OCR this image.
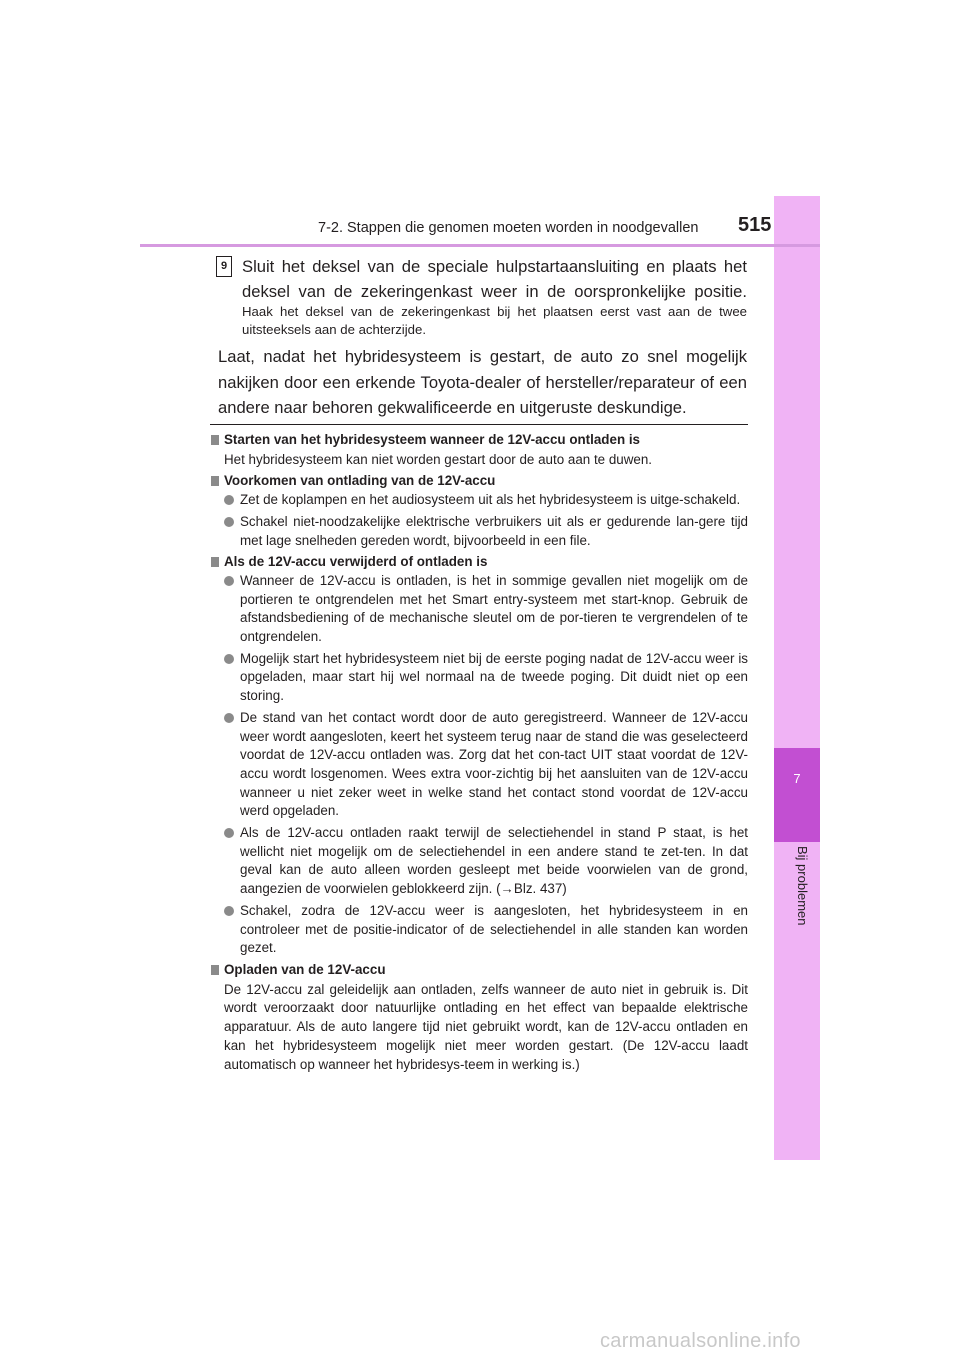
7
Bij problemen
7-2. Stappen die genomen moeten worden in noodgevallen 515
9 Sluit het deksel van de speciale hulpstartaansluiting en plaats het deksel van de zekeringenkast weer in de oorspronkelijke positie.
Haak het deksel van de zekeringenkast bij het plaatsen eerst vast aan de twee uitsteeksels aan de achterzijde.
Laat, nadat het hybridesysteem is gestart, de auto zo snel mogelijk nakijken door een erkende Toyota-dealer of hersteller/reparateur of een andere naar behoren gekwalificeerde en uitgeruste deskundige.
Starten van het hybridesysteem wanneer de 12V-accu ontladen is
Het hybridesysteem kan niet worden gestart door de auto aan te duwen.
Voorkomen van ontlading van de 12V-accu
Zet de koplampen en het audiosysteem uit als het hybridesysteem is uitge-schakeld.
Schakel niet-noodzakelijke elektrische verbruikers uit als er gedurende lan-gere tijd met lage snelheden gereden wordt, bijvoorbeeld in een file.
Als de 12V-accu verwijderd of ontladen is
Wanneer de 12V-accu is ontladen, is het in sommige gevallen niet mogelijk om de portieren te ontgrendelen met het Smart entry-systeem met start-knop. Gebruik de afstandsbediening of de mechanische sleutel om de por-tieren te vergrendelen of te ontgrendelen.
Mogelijk start het hybridesysteem niet bij de eerste poging nadat de 12V-accu weer is opgeladen, maar start hij wel normaal na de tweede poging. Dit duidt niet op een storing.
De stand van het contact wordt door de auto geregistreerd. Wanneer de 12V-accu weer wordt aangesloten, keert het systeem terug naar de stand die was geselecteerd voordat de 12V-accu ontladen was. Zorg dat het con-tact UIT staat voordat de 12V-accu wordt losgenomen. Wees extra voor-zichtig bij het aansluiten van de 12V-accu wanneer u niet zeker weet in welke stand het contact stond voordat de 12V-accu werd opgeladen.
Als de 12V-accu ontladen raakt terwijl de selectiehendel in stand P staat, is het wellicht niet mogelijk om de selectiehendel in een andere stand te zet-ten. In dat geval kan de auto alleen worden gesleept met beide voorwielen van de grond, aangezien de voorwielen geblokkeerd zijn. (→Blz. 437)
Schakel, zodra de 12V-accu weer is aangesloten, het hybridesysteem in en controleer met de positie-indicator of de selectiehendel in alle standen kan worden gezet.
Opladen van de 12V-accu
De 12V-accu zal geleidelijk aan ontladen, zelfs wanneer de auto niet in gebruik is. Dit wordt veroorzaakt door natuurlijke ontlading en het effect van bepaalde elektrische apparatuur. Als de auto langere tijd niet gebruikt wordt, kan de 12V-accu ontladen en kan het hybridesysteem mogelijk niet meer worden gestart. (De 12V-accu laadt automatisch op wanneer het hybridesys-teem in werking is.)
carmanualsonline.info
